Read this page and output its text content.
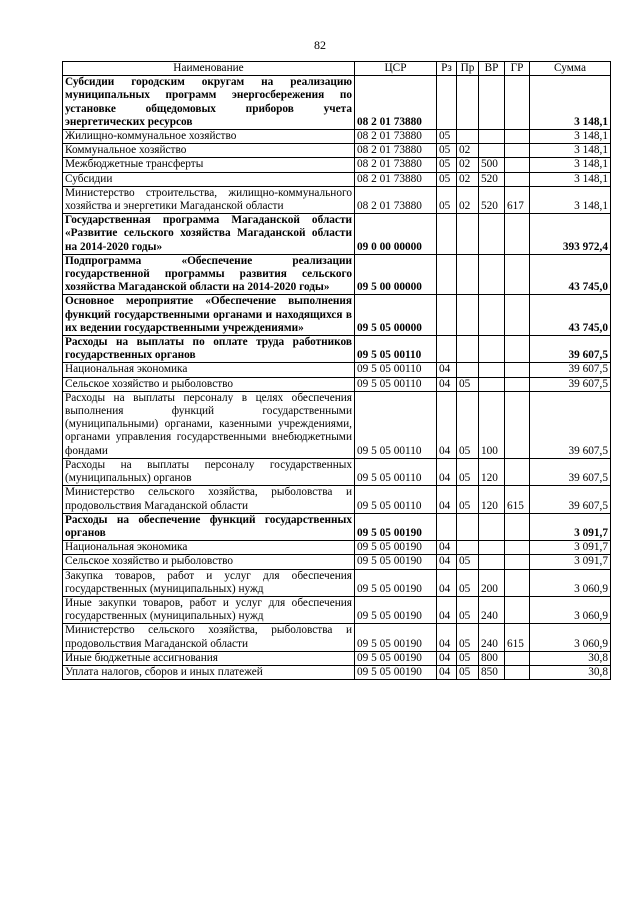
82
Наименование	ЦСР	Рз	Пр	ВР	ГР	Сумма
Субсидии городским округам на реализацию муниципальных программ энергосбережения по установке общедомовых приборов учета энергетических ресурсов	08 2 01 73880					3 148,1
Жилищно-коммунальное хозяйство	08 2 01 73880	05				3 148,1
Коммунальное хозяйство	08 2 01 73880	05	02			3 148,1
Межбюджетные трансферты	08 2 01 73880	05	02	500		3 148,1
Субсидии	08 2 01 73880	05	02	520		3 148,1
Министерство строительства, жилищно-коммунального хозяйства и энергетики Магаданской области	08 2 01 73880	05	02	520	617	3 148,1
Государственная программа Магаданской области «Развитие сельского хозяйства Магаданской области на 2014-2020 годы»	09 0 00 00000					393 972,4
Подпрограмма «Обеспечение реализации государственной программы развития сельского хозяйства Магаданской области на 2014-2020 годы»	09 5 00 00000					43 745,0
Основное мероприятие «Обеспечение выполнения функций государственными органами и находящихся в их ведении государственными учреждениями»	09 5 05 00000					43 745,0
Расходы на выплаты по оплате труда работников государственных органов	09 5 05 00110					39 607,5
Национальная экономика	09 5 05 00110	04				39 607,5
Сельское хозяйство и рыболовство	09 5 05 00110	04	05			39 607,5
Расходы на выплаты персоналу в целях обеспечения выполнения функций государственными (муниципальными) органами, казенными учреждениями, органами управления государственными внебюджетными фондами	09 5 05 00110	04	05	100		39 607,5
Расходы на выплаты персоналу государственных (муниципальных) органов	09 5 05 00110	04	05	120		39 607,5
Министерство сельского хозяйства, рыболовства и продовольствия Магаданской области	09 5 05 00110	04	05	120	615	39 607,5
Расходы на обеспечение функций государственных органов	09 5 05 00190					3 091,7
Национальная экономика	09 5 05 00190	04				3 091,7
Сельское хозяйство и рыболовство	09 5 05 00190	04	05			3 091,7
Закупка товаров, работ и услуг для обеспечения государственных (муниципальных) нужд	09 5 05 00190	04	05	200		3 060,9
Иные закупки товаров, работ и услуг для обеспечения государственных (муниципальных) нужд	09 5 05 00190	04	05	240		3 060,9
Министерство сельского хозяйства, рыболовства и продовольствия Магаданской области	09 5 05 00190	04	05	240	615	3 060,9
Иные бюджетные ассигнования	09 5 05 00190	04	05	800		30,8
Уплата налогов, сборов и иных платежей	09 5 05 00190	04	05	850		30,8
